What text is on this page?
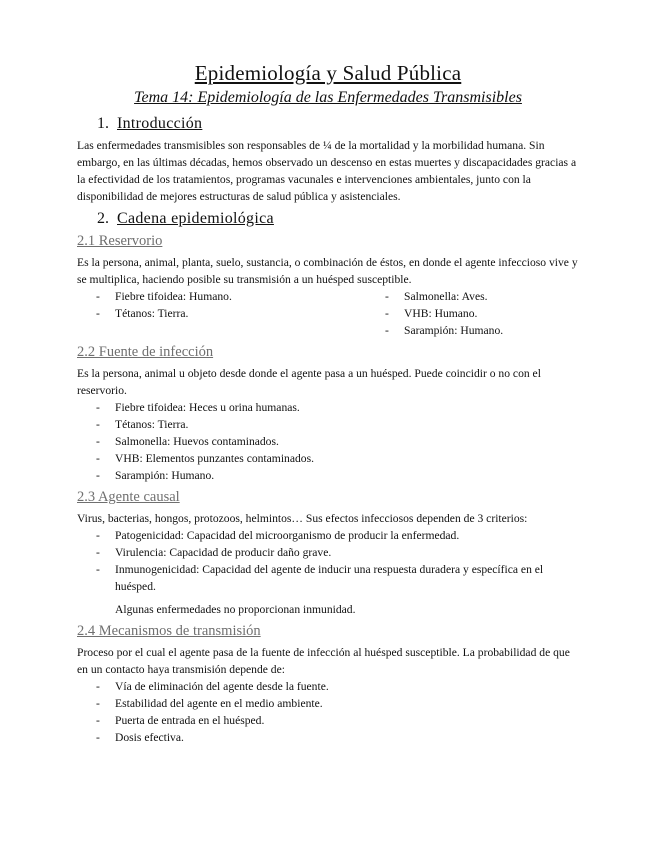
Epidemiología y Salud Pública
Tema 14: Epidemiología de las Enfermedades Transmisibles
1. Introducción

Las enfermedades transmisibles son responsables de ¼ de la mortalidad y la morbilidad humana. Sin embargo, en las últimas décadas, hemos observado un descenso en estas muertes y discapacidades gracias a la efectividad de los tratamientos, programas vacunales e intervenciones ambientales, junto con la disponibilidad de mejores estructuras de salud pública y asistenciales.

2. Cadena epidemiológica
2.1 Reservorio

Es la persona, animal, planta, suelo, sustancia, o combinación de éstos, en donde el agente infeccioso vive y se multiplica, haciendo posible su transmisión a un huésped susceptible.

- Fiebre tifoidea: Humano.
- Tétanos: Tierra.
- Salmonella: Aves.
- VHB: Humano.
- Sarampión: Humano.
2.2 Fuente de infección

Es la persona, animal u objeto desde donde el agente pasa a un huésped. Puede coincidir o no con el reservorio.

- Fiebre tifoidea: Heces u orina humanas.
- Tétanos: Tierra.
- Salmonella: Huevos contaminados.
- VHB: Elementos punzantes contaminados.
- Sarampión: Humano.
2.3 Agente causal

Virus, bacterias, hongos, protozoos, helmintos… Sus efectos infecciosos dependen de 3 criterios:

- Patogenicidad: Capacidad del microorganismo de producir la enfermedad.
- Virulencia: Capacidad de producir daño grave.
- Inmunogenicidad: Capacidad del agente de inducir una respuesta duradera y específica en el huésped.
Algunas enfermedades no proporcionan inmunidad.
2.4 Mecanismos de transmisión

Proceso por el cual el agente pasa de la fuente de infección al huésped susceptible. La probabilidad de que en un contacto haya transmisión depende de:

- Vía de eliminación del agente desde la fuente.
- Estabilidad del agente en el medio ambiente.
- Puerta de entrada en el huésped.
- Dosis efectiva.
